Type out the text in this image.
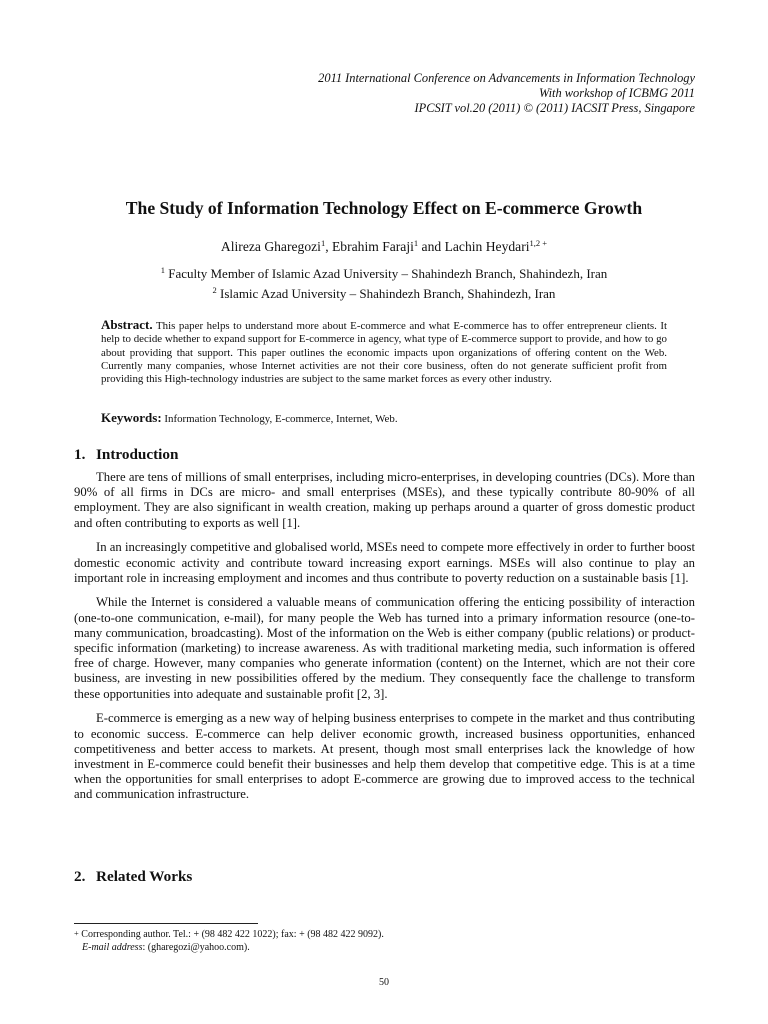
2011 International Conference on Advancements in Information Technology
With workshop of ICBMG 2011
IPCSIT vol.20 (2011) © (2011) IACSIT Press, Singapore
The Study of Information Technology Effect on E-commerce Growth
Alireza Gharegozi$^1$, Ebrahim Faraji$^1$ and Lachin Heydari$^{1,2 +}$
$^1$ Faculty Member of Islamic Azad University – Shahindezh Branch, Shahindezh, Iran
$^2$ Islamic Azad University – Shahindezh Branch, Shahindezh, Iran
Abstract. This paper helps to understand more about E-commerce and what E-commerce has to offer entrepreneur clients. It help to decide whether to expand support for E-commerce in agency, what type of E-commerce support to provide, and how to go about providing that support. This paper outlines the economic impacts upon organizations of offering content on the Web. Currently many companies, whose Internet activities are not their core business, often do not generate sufficient profit from providing this High-technology industries are subject to the same market forces as every other industry.
Keywords: Information Technology, E-commerce, Internet, Web.
1. Introduction

There are tens of millions of small enterprises, including micro-enterprises, in developing countries (DCs). More than 90% of all firms in DCs are micro- and small enterprises (MSEs), and these typically contribute 80-90% of all employment. They are also significant in wealth creation, making up perhaps around a quarter of gross domestic product and often contributing to exports as well [1].

In an increasingly competitive and globalised world, MSEs need to compete more effectively in order to further boost domestic economic activity and contribute toward increasing export earnings. MSEs will also continue to play an important role in increasing employment and incomes and thus contribute to poverty reduction on a sustainable basis [1].

While the Internet is considered a valuable means of communication offering the enticing possibility of interaction (one-to-one communication, e-mail), for many people the Web has turned into a primary information resource (one-to-many communication, broadcasting). Most of the information on the Web is either company (public relations) or product-specific information (marketing) to increase awareness. As with traditional marketing media, such information is offered free of charge. However, many companies who generate information (content) on the Internet, which are not their core business, are investing in new possibilities offered by the medium. They consequently face the challenge to transform these opportunities into adequate and sustainable profit [2, 3].

E-commerce is emerging as a new way of helping business enterprises to compete in the market and thus contributing to economic success. E-commerce can help deliver economic growth, increased business opportunities, enhanced competitiveness and better access to markets. At present, though most small enterprises lack the knowledge of how investment in E-commerce could benefit their businesses and help them develop that competitive edge. This is at a time when the opportunities for small enterprises to adopt E-commerce are growing due to improved access to the technical and communication infrastructure.

2. Related Works
+ Corresponding author. Tel.: + (98 482 422 1022); fax: + (98 482 422 9092).
E-mail address: (gharegozi@yahoo.com).
50
